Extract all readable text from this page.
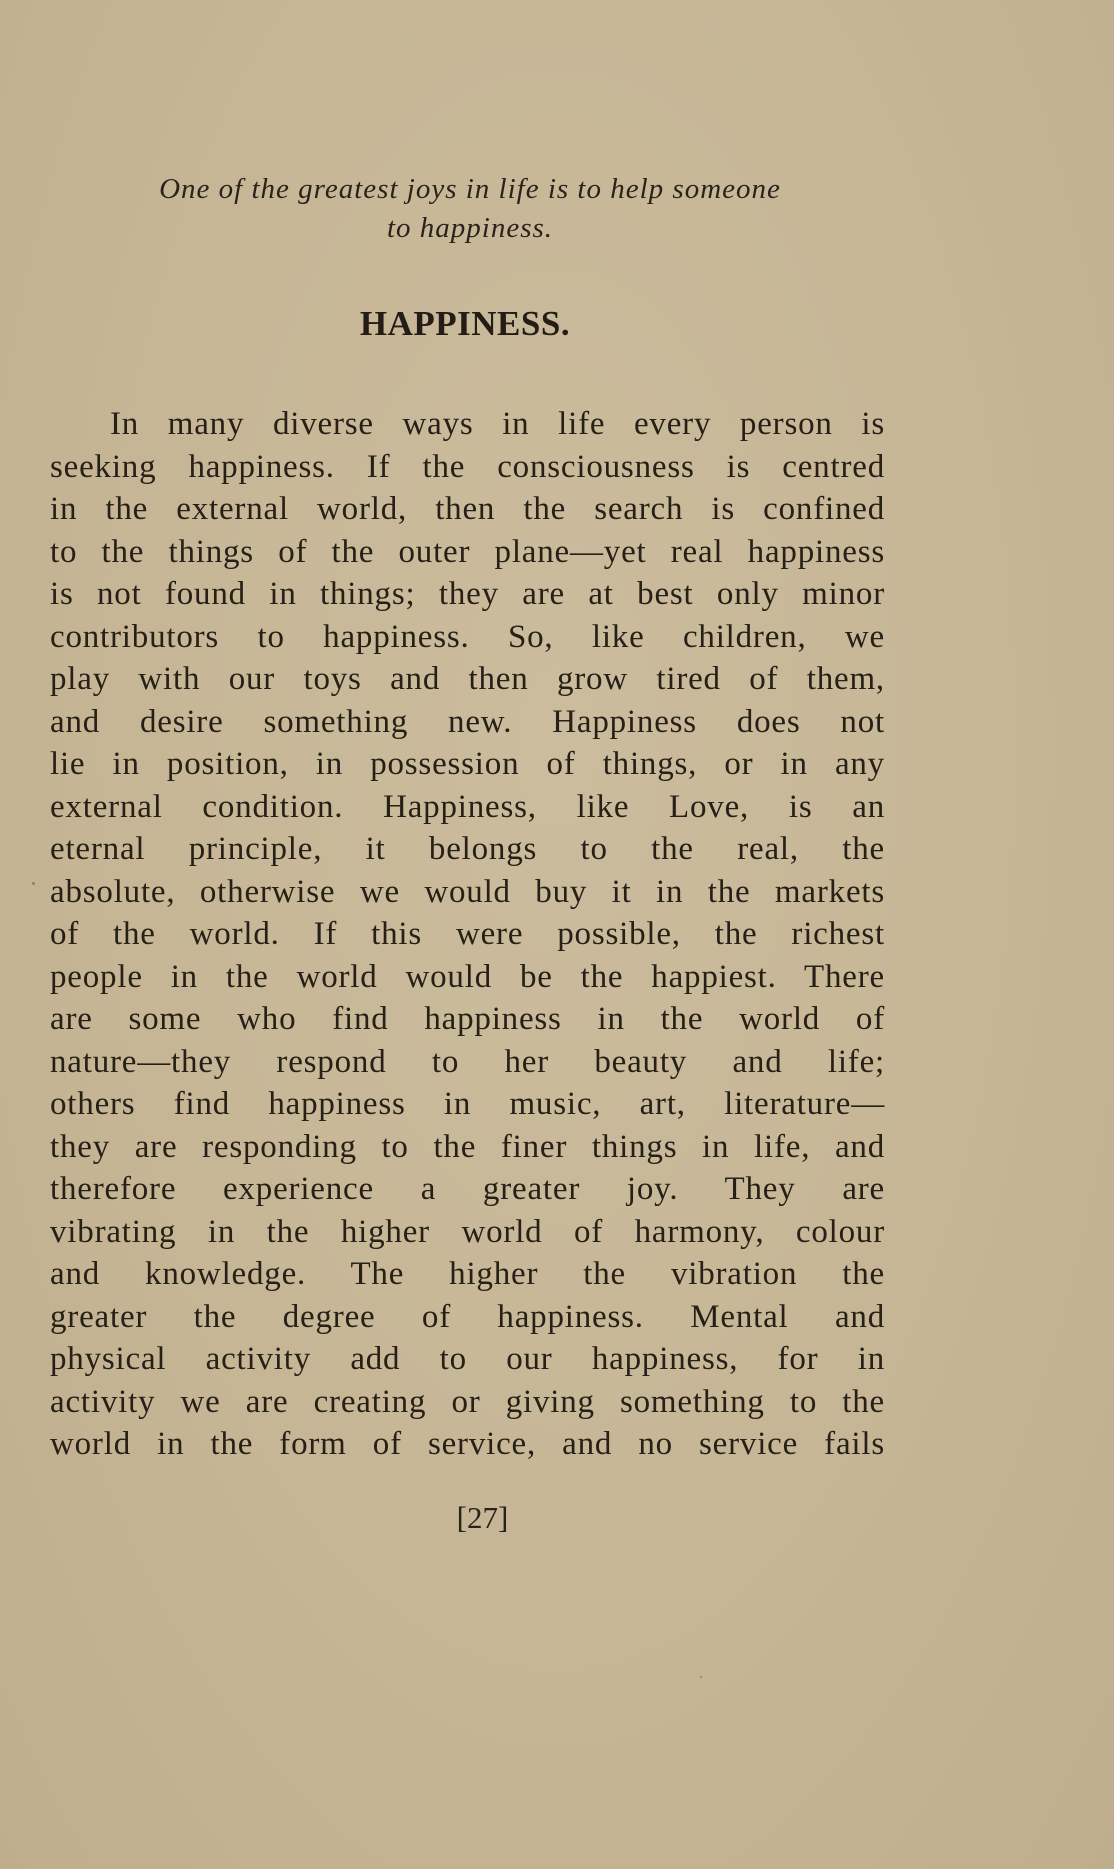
One of the greatest joys in life is to help someone
to happiness.
HAPPINESS.
In many diverse ways in life every person is
seeking happiness. If the consciousness is centred
in the external world, then the search is confined
to the things of the outer plane—yet real happiness
is not found in things; they are at best only minor
contributors to happiness. So, like children, we
play with our toys and then grow tired of them,
and desire something new. Happiness does not
lie in position, in possession of things, or in any
external condition. Happiness, like Love, is an
eternal principle, it belongs to the real, the
absolute, otherwise we would buy it in the markets
of the world. If this were possible, the richest
people in the world would be the happiest. There
are some who find happiness in the world of
nature—they respond to her beauty and life;
others find happiness in music, art, literature—
they are responding to the finer things in life, and
therefore experience a greater joy. They are
vibrating in the higher world of harmony, colour
and knowledge. The higher the vibration the
greater the degree of happiness. Mental and
physical activity add to our happiness, for in
activity we are creating or giving something to the
world in the form of service, and no service fails
[27]
